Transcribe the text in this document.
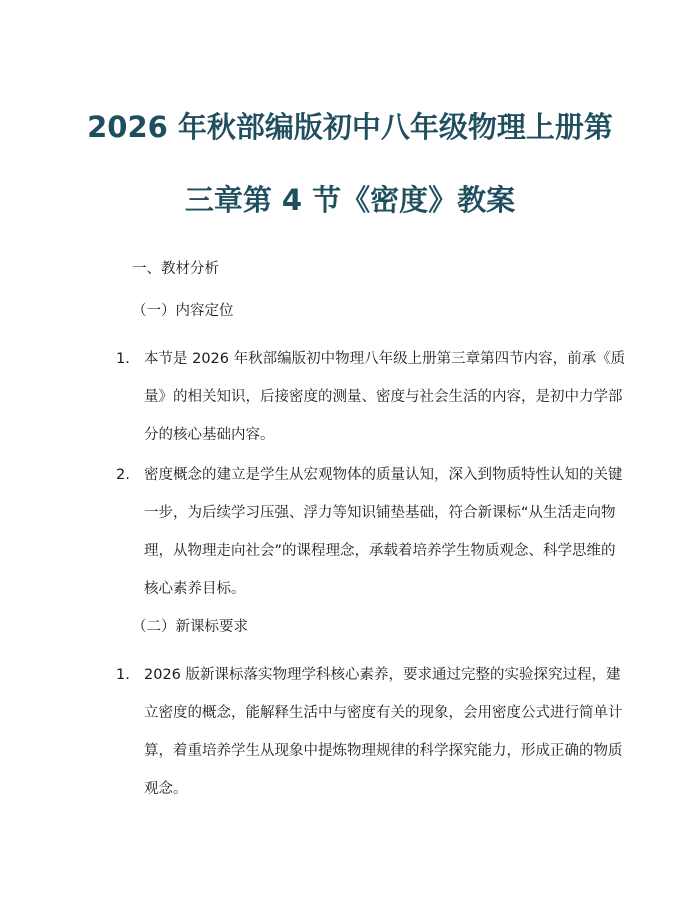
2026 年秋部编版初中八年级物理上册第
三章第 4 节《密度》教案
一、教材分析
（一）内容定位
1. 本节是 2026 年秋部编版初中物理八年级上册第三章第四节内容，前承《质
量》的相关知识，后接密度的测量、密度与社会生活的内容，是初中力学部
分的核心基础内容。
2. 密度概念的建立是学生从宏观物体的质量认知，深入到物质特性认知的关键
一步，为后续学习压强、浮力等知识铺垫基础，符合新课标“从生活走向物
理，从物理走向社会”的课程理念，承载着培养学生物质观念、科学思维的
核心素养目标。
（二）新课标要求
1. 2026 版新课标落实物理学科核心素养，要求通过完整的实验探究过程，建
立密度的概念，能解释生活中与密度有关的现象，会用密度公式进行简单计
算，着重培养学生从现象中提炼物理规律的科学探究能力，形成正确的物质
观念。
